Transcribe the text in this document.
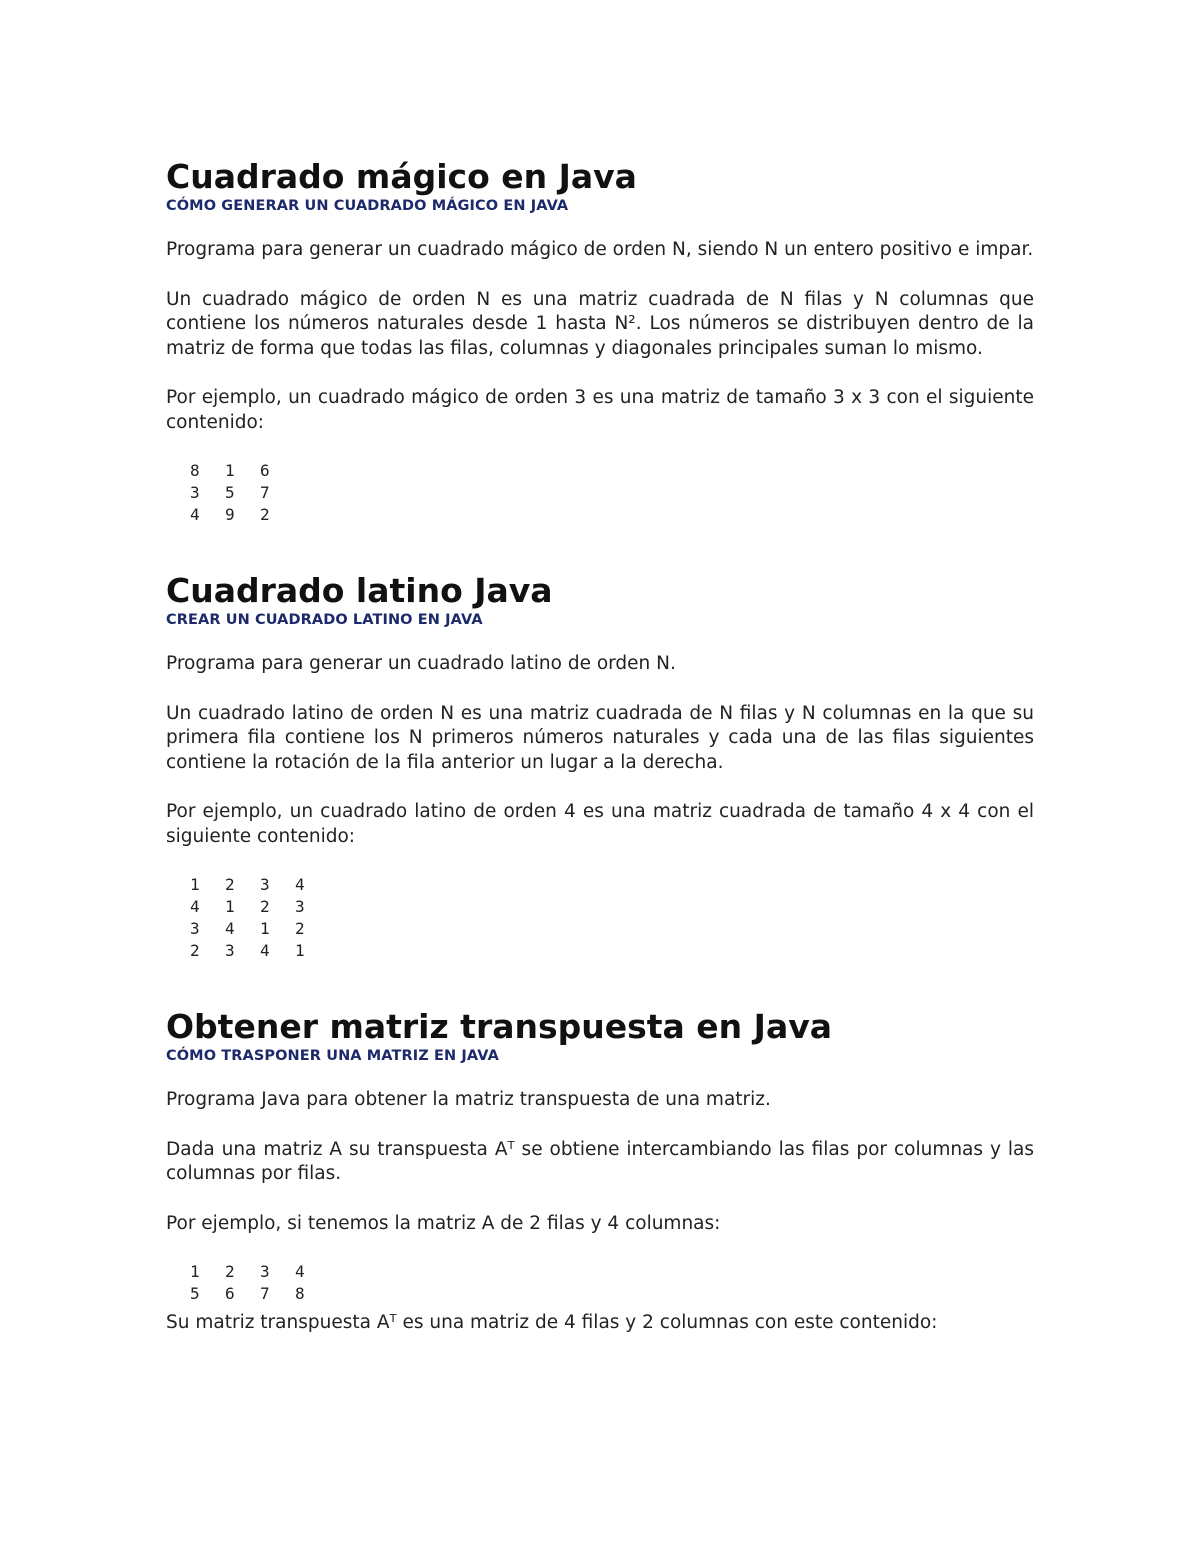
Cuadrado mágico en Java
CÓMO GENERAR UN CUADRADO MÁGICO EN JAVA

Programa para generar un cuadrado mágico de orden N, siendo N un entero positivo e impar.

Un cuadrado mágico de orden N es una matriz cuadrada de N filas y N columnas que contiene los números naturales desde 1 hasta N². Los números se distribuyen dentro de la matriz de forma que todas las filas, columnas y diagonales principales suman lo mismo.

Por ejemplo, un cuadrado mágico de orden 3 es una matriz de tamaño 3 x 3 con el siguiente contenido:

8	1	6
3	5	7
4	9	2
Cuadrado latino Java
CREAR UN CUADRADO LATINO EN JAVA

Programa para generar un cuadrado latino de orden N.

Un cuadrado latino de orden N es una matriz cuadrada de N filas y N columnas en la que su primera fila contiene los N primeros números naturales y cada una de las filas siguientes contiene la rotación de la fila anterior un lugar a la derecha.

Por ejemplo, un cuadrado latino de orden 4 es una matriz cuadrada de tamaño 4 x 4 con el siguiente contenido:

1	2	3	4
4	1	2	3
3	4	1	2
2	3	4	1
Obtener matriz transpuesta en Java
CÓMO TRASPONER UNA MATRIZ EN JAVA

Programa Java para obtener la matriz transpuesta de una matriz.

Dada una matriz A su transpuesta Aᵀ se obtiene intercambiando las filas por columnas y las columnas por filas.

Por ejemplo, si tenemos la matriz A de 2 filas y 4 columnas:

1	2	3	4
5	6	7	8

Su matriz transpuesta Aᵀ es una matriz de 4 filas y 2 columnas con este contenido:
